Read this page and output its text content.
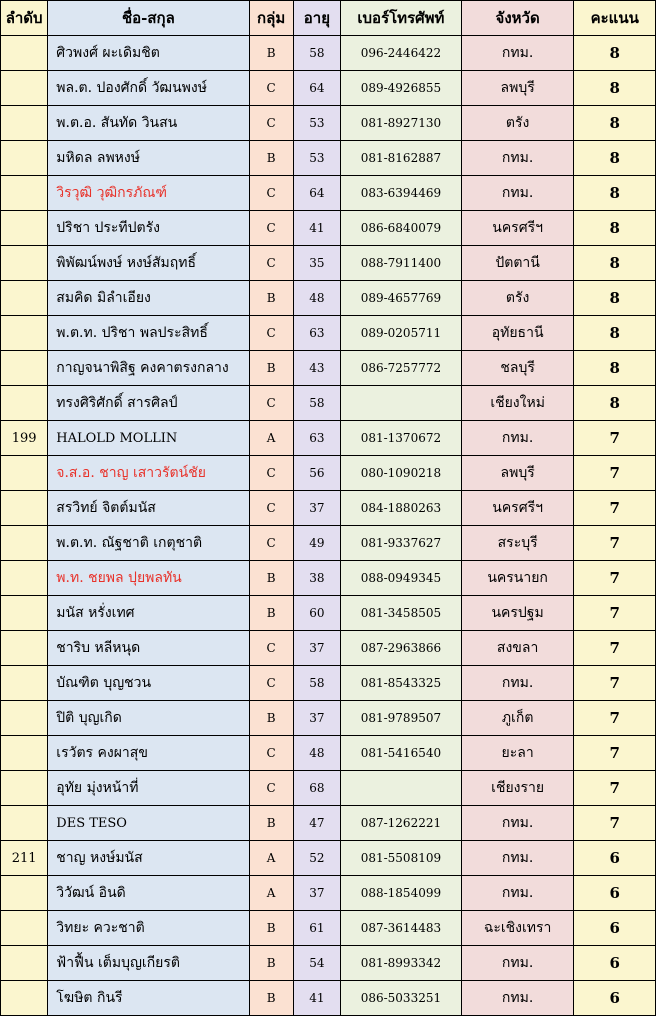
ลำดับ	ชื่อ-สกุล	กลุ่ม	อายุ	เบอร์โทรศัพท์	จังหวัด	คะแนน
	ศิวพงศ์ ผะเดิมชิต	B	58	096-2446422	กทม.	8
	พล.ต. ปองศักดิ์ วัฒนพงษ์	C	64	089-4926855	ลพบุรี	8
	พ.ต.อ. สันทัด วินสน	C	53	081-8927130	ตรัง	8
	มหิดล ลพหงษ์	B	53	081-8162887	กทม.	8
	วิรวุฒิ วุฒิกรภัณฑ์	C	64	083-6394469	กทม.	8
	ปริชา ประทีปตรัง	C	41	086-6840079	นครศรีฯ	8
	พิพัฒน์พงษ์ หงษ์สัมฤทธิ์	C	35	088-7911400	ปัตตานี	8
	สมคิด มิลำเอียง	B	48	089-4657769	ตรัง	8
	พ.ต.ท. ปริชา พลประสิทธิ์	C	63	089-0205711	อุทัยธานี	8
	กาญจนาพิสิฐ คงคาตรงกลาง	B	43	086-7257772	ชลบุรี	8
	ทรงศิริศักดิ์ สารศิลป์	C	58		เชียงใหม่	8
199	HALOLD MOLLIN	A	63	081-1370672	กทม.	7
	จ.ส.อ. ชาญ เสาวรัตน์ชัย	C	56	080-1090218	ลพบุรี	7
	สรวิทย์ จิตต์มนัส	C	37	084-1880263	นครศรีฯ	7
	พ.ต.ท. ณัฐชาติ เกตุชาติ	C	49	081-9337627	สระบุรี	7
	พ.ท. ชยพล ปุยพลทัน	B	38	088-0949345	นครนายก	7
	มนัส หรั่งเทศ	B	60	081-3458505	นครปฐม	7
	ชาริบ หลีหนุด	C	37	087-2963866	สงขลา	7
	บัณฑิต บุญชวน	C	58	081-8543325	กทม.	7
	ปิติ บุญเกิด	B	37	081-9789507	ภูเก็ต	7
	เรวัตร คงผาสุข	C	48	081-5416540	ยะลา	7
	อุทัย มุ่งหน้าที่	C	68		เชียงราย	7
	DES TESO	B	47	087-1262221	กทม.	7
211	ชาญ หงษ์มนัส	A	52	081-5508109	กทม.	6
	วิวัฒน์ อินดิ	A	37	088-1854099	กทม.	6
	วิทยะ ควะชาติ	B	61	087-3614483	ฉะเชิงเทรา	6
	ฟ้าฟื้น เต็มบุญเกียรติ	B	54	081-8993342	กทม.	6
	โฆษิต กินรี	B	41	086-5033251	กทม.	6
